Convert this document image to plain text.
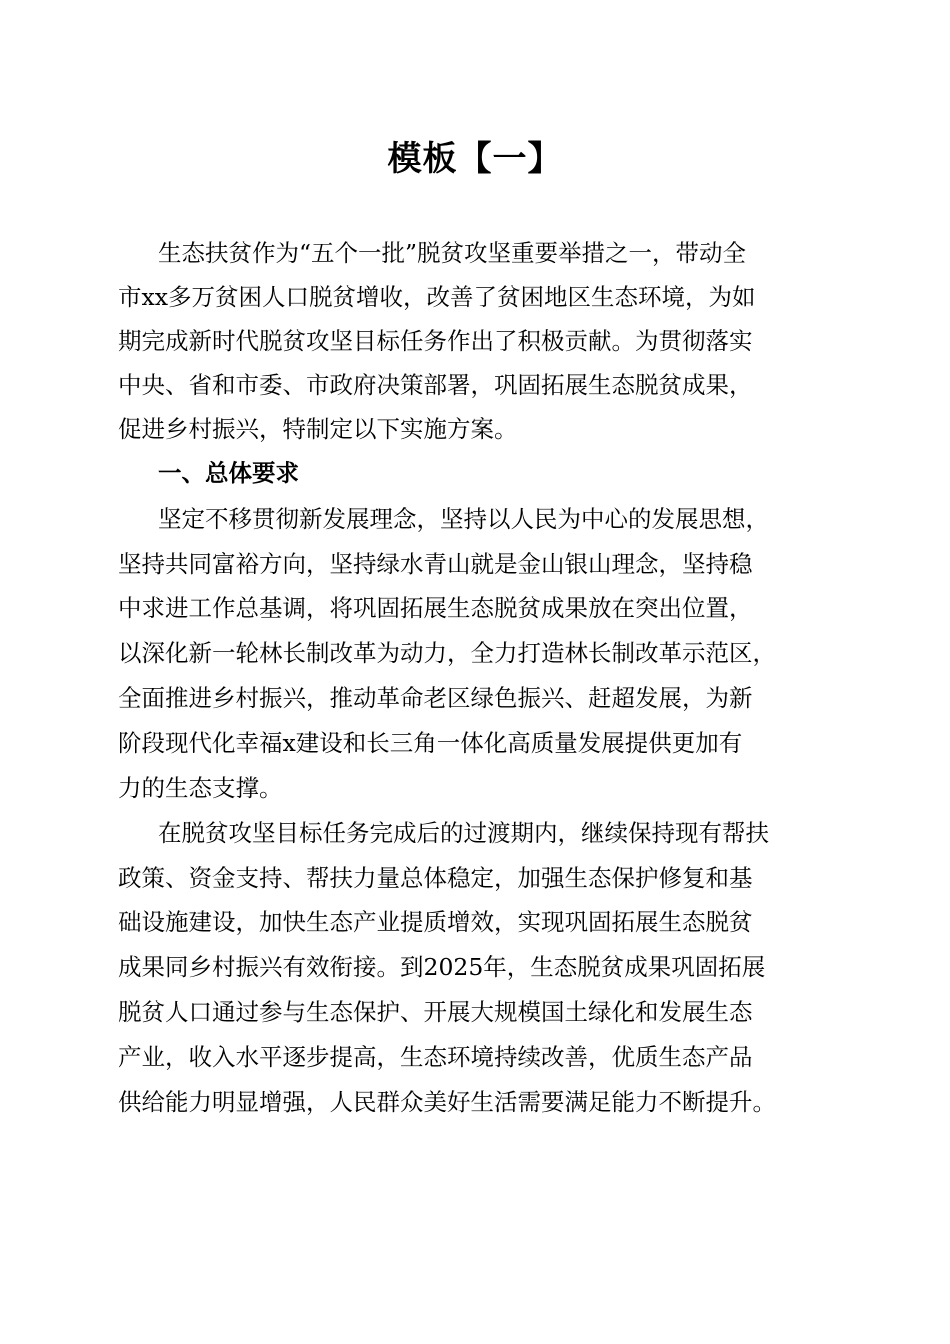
模板【一】
生态扶贫作为“五个一批”脱贫攻坚重要举措之一，带动全
市xx多万贫困人口脱贫增收，改善了贫困地区生态环境，为如
期完成新时代脱贫攻坚目标任务作出了积极贡献。为贯彻落实
中央、省和市委、市政府决策部署，巩固拓展生态脱贫成果，
促进乡村振兴，特制定以下实施方案。
一、总体要求
坚定不移贯彻新发展理念，坚持以人民为中心的发展思想，
坚持共同富裕方向，坚持绿水青山就是金山银山理念，坚持稳
中求进工作总基调，将巩固拓展生态脱贫成果放在突出位置，
以深化新一轮林长制改革为动力，全力打造林长制改革示范区，
全面推进乡村振兴，推动革命老区绿色振兴、赶超发展，为新
阶段现代化幸福x建设和长三角一体化高质量发展提供更加有
力的生态支撑。
在脱贫攻坚目标任务完成后的过渡期内，继续保持现有帮扶
政策、资金支持、帮扶力量总体稳定，加强生态保护修复和基
础设施建设，加快生态产业提质增效，实现巩固拓展生态脱贫
成果同乡村振兴有效衔接。到2025年，生态脱贫成果巩固拓展
脱贫人口通过参与生态保护、开展大规模国土绿化和发展生态
产业，收入水平逐步提高，生态环境持续改善，优质生态产品
供给能力明显增强，人民群众美好生活需要满足能力不断提升。
